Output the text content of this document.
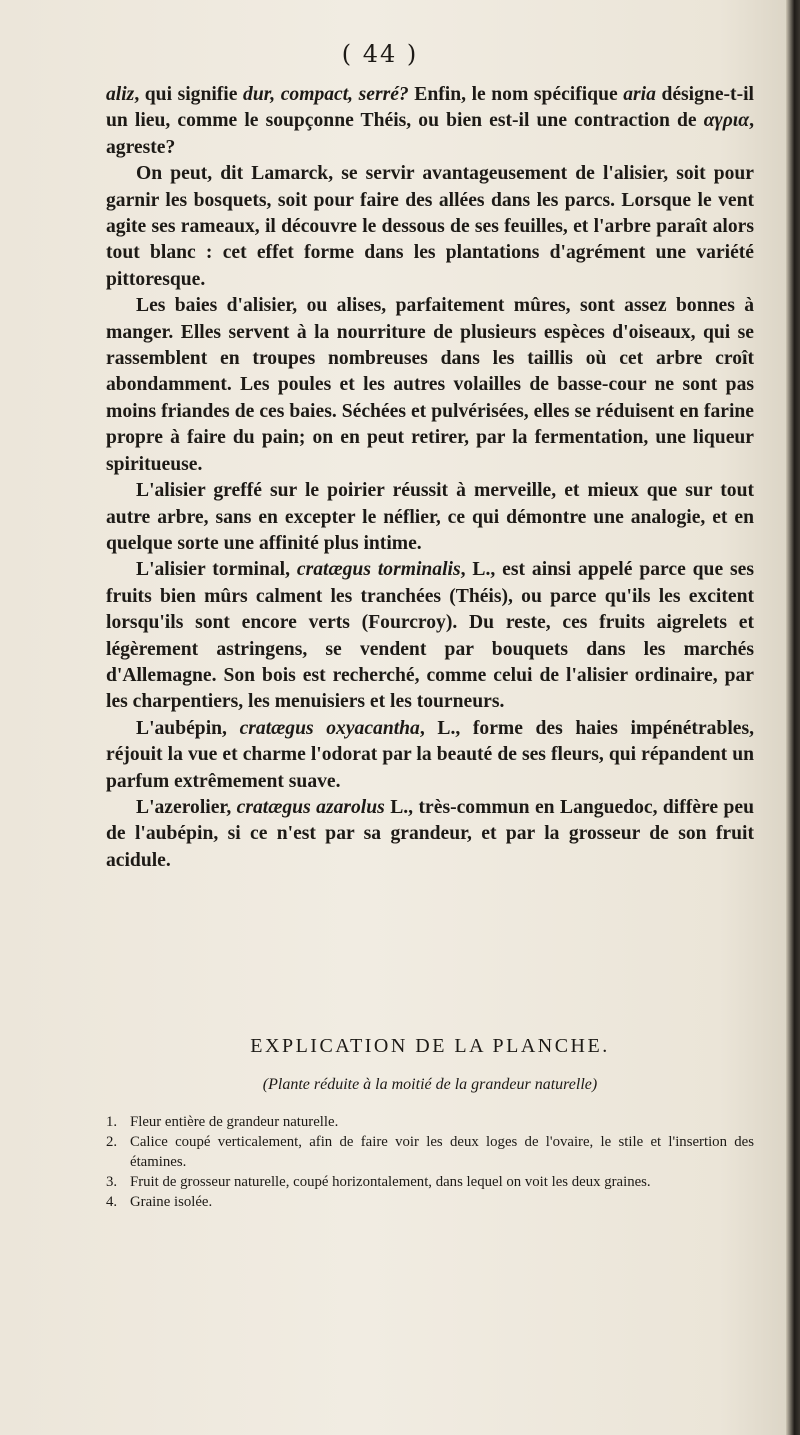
( 44 )

aliz, qui signifie dur, compact, serré? Enfin, le nom spécifique aria désigne-t-il un lieu, comme le soupçonne Théis, ou bien est-il une contraction de αγρια, agreste?

On peut, dit Lamarck, se servir avantageusement de l'alisier, soit pour garnir les bosquets, soit pour faire des allées dans les parcs. Lorsque le vent agite ses rameaux, il découvre le dessous de ses feuilles, et l'arbre paraît alors tout blanc : cet effet forme dans les plantations d'agrément une variété pittoresque.

Les baies d'alisier, ou alises, parfaitement mûres, sont assez bonnes à manger. Elles servent à la nourriture de plusieurs espèces d'oiseaux, qui se rassemblent en troupes nombreuses dans les taillis où cet arbre croît abondamment. Les poules et les autres volailles de basse-cour ne sont pas moins friandes de ces baies. Séchées et pulvérisées, elles se réduisent en farine propre à faire du pain; on en peut retirer, par la fermentation, une liqueur spiritueuse.

L'alisier greffé sur le poirier réussit à merveille, et mieux que sur tout autre arbre, sans en excepter le néflier, ce qui démontre une analogie, et en quelque sorte une affinité plus intime.

L'alisier torminal, cratægus torminalis, L., est ainsi appelé parce que ses fruits bien mûrs calment les tranchées (Théis), ou parce qu'ils les excitent lorsqu'ils sont encore verts (Fourcroy). Du reste, ces fruits aigrelets et légèrement astringens, se vendent par bouquets dans les marchés d'Allemagne. Son bois est recherché, comme celui de l'alisier ordinaire, par les charpentiers, les menuisiers et les tourneurs.

L'aubépin, cratægus oxyacantha, L., forme des haies impénétrables, réjouit la vue et charme l'odorat par la beauté de ses fleurs, qui répandent un parfum extrêmement suave.

L'azerolier, cratægus azarolus L., très-commun en Languedoc, diffère peu de l'aubépin, si ce n'est par sa grandeur, et par la grosseur de son fruit acidule.

EXPLICATION DE LA PLANCHE.
(Plante réduite à la moitié de la grandeur naturelle)
1. Fleur entière de grandeur naturelle.
2. Calice coupé verticalement, afin de faire voir les deux loges de l'ovaire, le stile et l'insertion des étamines.
3. Fruit de grosseur naturelle, coupé horizontalement, dans lequel on voit les deux graines.
4. Graine isolée.
